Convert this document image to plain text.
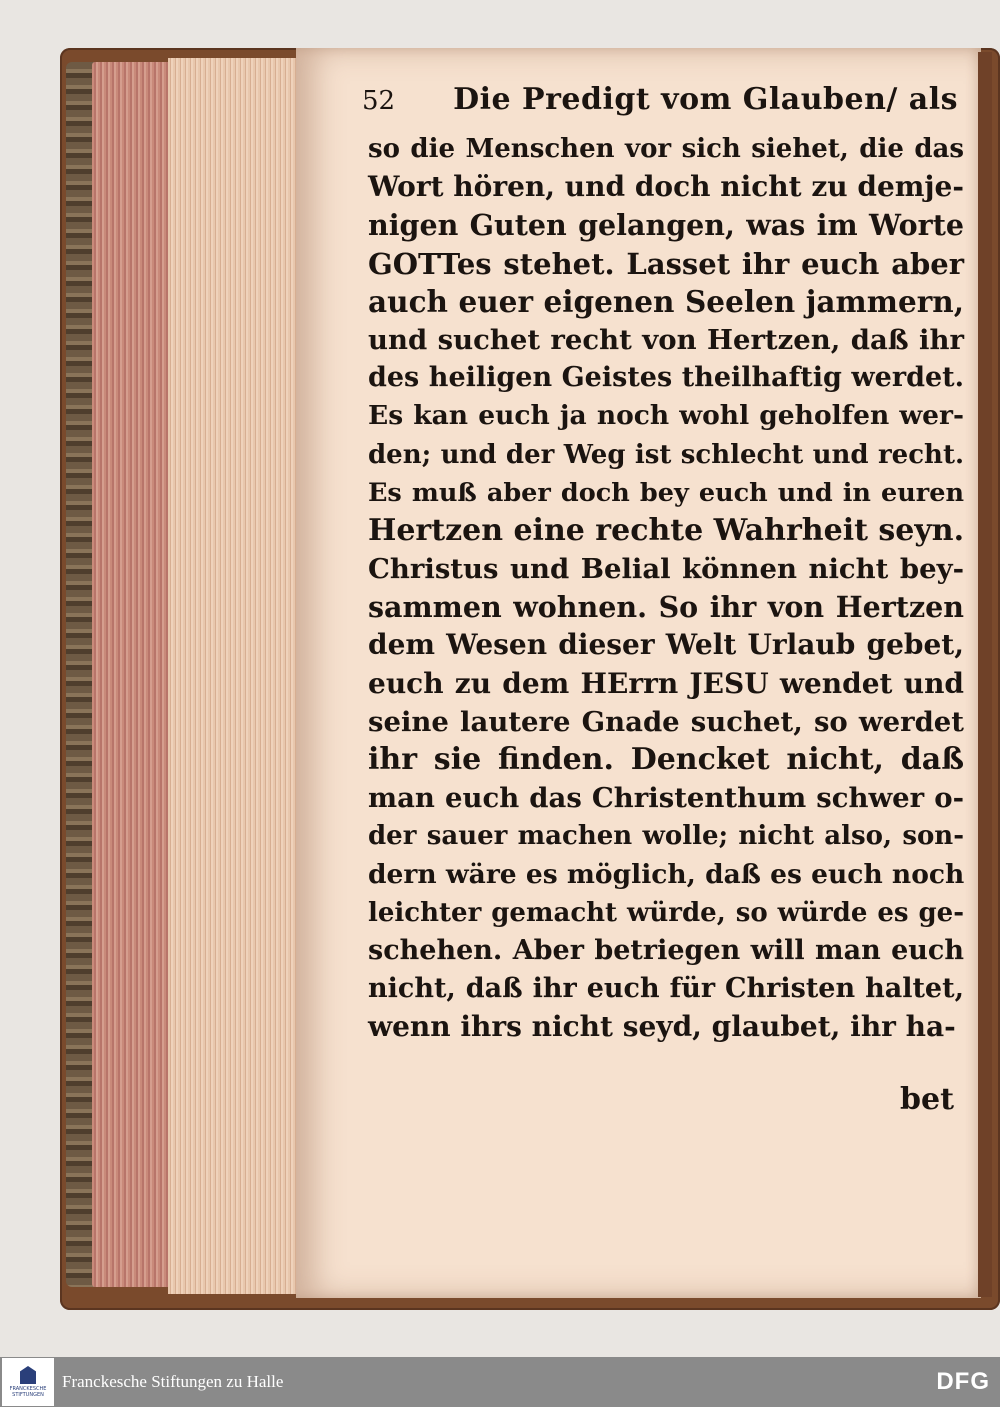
52 Die Predigt vom Glauben/ als
so die Menschen vor sich siehet, die das
Wort hören, und doch nicht zu demje-
nigen Guten gelangen, was im Worte
GOTTes stehet. Lasset ihr euch aber
auch euer eigenen Seelen jammern,
und suchet recht von Hertzen, daß ihr
des heiligen Geistes theilhaftig werdet.
Es kan euch ja noch wohl geholfen wer-
den; und der Weg ist schlecht und recht.
Es muß aber doch bey euch und in euren
Hertzen eine rechte Wahrheit seyn.
Christus und Belial können nicht bey-
sammen wohnen. So ihr von Hertzen
dem Wesen dieser Welt Urlaub gebet,
euch zu dem HErrn JESU wendet und
seine lautere Gnade suchet, so werdet
ihr sie finden. Dencket nicht, daß
man euch das Christenthum schwer o-
der sauer machen wolle; nicht also, son-
dern wäre es möglich, daß es euch noch
leichter gemacht würde, so würde es ge-
schehen. Aber betriegen will man euch
nicht, daß ihr euch für Christen haltet,
wenn ihrs nicht seyd, glaubet, ihr ha-
bet
FRANCKESCHE STIFTUNGEN
Franckesche Stiftungen zu Halle	DFG
